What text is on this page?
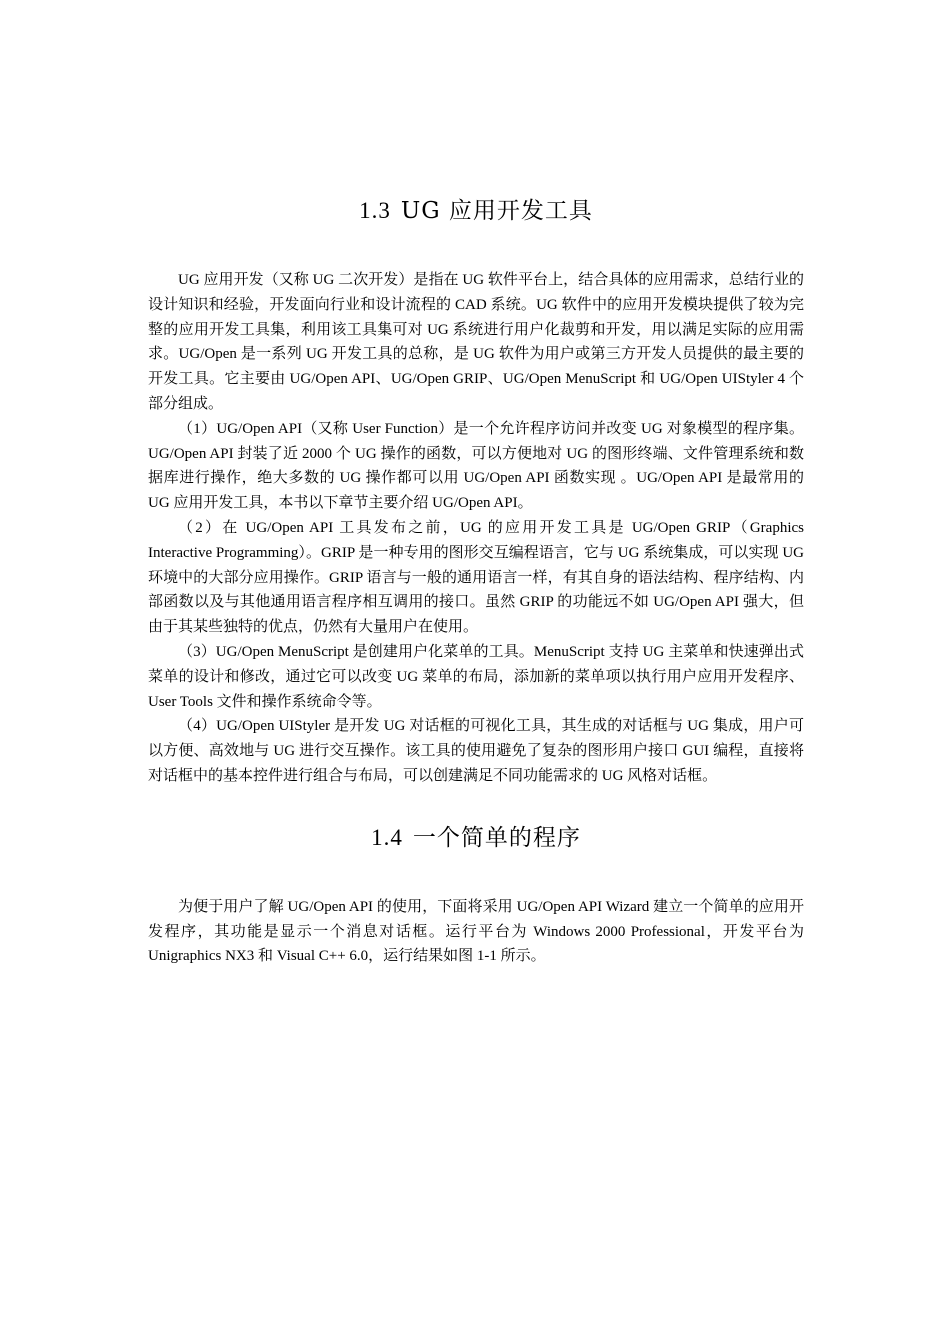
1.3 UG 应用开发工具

UG 应用开发（又称 UG 二次开发）是指在 UG 软件平台上，结合具体的应用需求，总结行业的设计知识和经验，开发面向行业和设计流程的 CAD 系统。UG 软件中的应用开发模块提供了较为完整的应用开发工具集，利用该工具集可对 UG 系统进行用户化裁剪和开发，用以满足实际的应用需求。UG/Open 是一系列 UG 开发工具的总称，是 UG 软件为用户或第三方开发人员提供的最主要的开发工具。它主要由 UG/Open API、UG/Open GRIP、UG/Open MenuScript 和 UG/Open UIStyler 4 个部分组成。

（1）UG/Open API（又称 User Function）是一个允许程序访问并改变 UG 对象模型的程序集。UG/Open API 封装了近 2000 个 UG 操作的函数，可以方便地对 UG 的图形终端、文件管理系统和数据库进行操作，绝大多数的 UG 操作都可以用 UG/Open API 函数实现 。UG/Open API 是最常用的 UG 应用开发工具，本书以下章节主要介绍 UG/Open API。

（2）在 UG/Open API 工具发布之前，UG 的应用开发工具是 UG/Open GRIP（Graphics Interactive Programming）。GRIP 是一种专用的图形交互编程语言，它与 UG 系统集成，可以实现 UG 环境中的大部分应用操作。GRIP 语言与一般的通用语言一样，有其自身的语法结构、程序结构、内部函数以及与其他通用语言程序相互调用的接口。虽然 GRIP 的功能远不如 UG/Open API 强大，但由于其某些独特的优点，仍然有大量用户在使用。

（3）UG/Open MenuScript 是创建用户化菜单的工具。MenuScript 支持 UG 主菜单和快速弹出式菜单的设计和修改，通过它可以改变 UG 菜单的布局，添加新的菜单项以执行用户应用开发程序、User Tools 文件和操作系统命令等。

（4）UG/Open UIStyler 是开发 UG 对话框的可视化工具，其生成的对话框与 UG 集成，用户可以方便、高效地与 UG 进行交互操作。该工具的使用避免了复杂的图形用户接口 GUI 编程，直接将对话框中的基本控件进行组合与布局，可以创建满足不同功能需求的 UG 风格对话框。

1.4 一个简单的程序

为便于用户了解 UG/Open API 的使用，下面将采用 UG/Open API Wizard 建立一个简单的应用开发程序，其功能是显示一个消息对话框。运行平台为 Windows 2000 Professional，开发平台为 Unigraphics NX3 和 Visual C++ 6.0，运行结果如图 1-1 所示。
